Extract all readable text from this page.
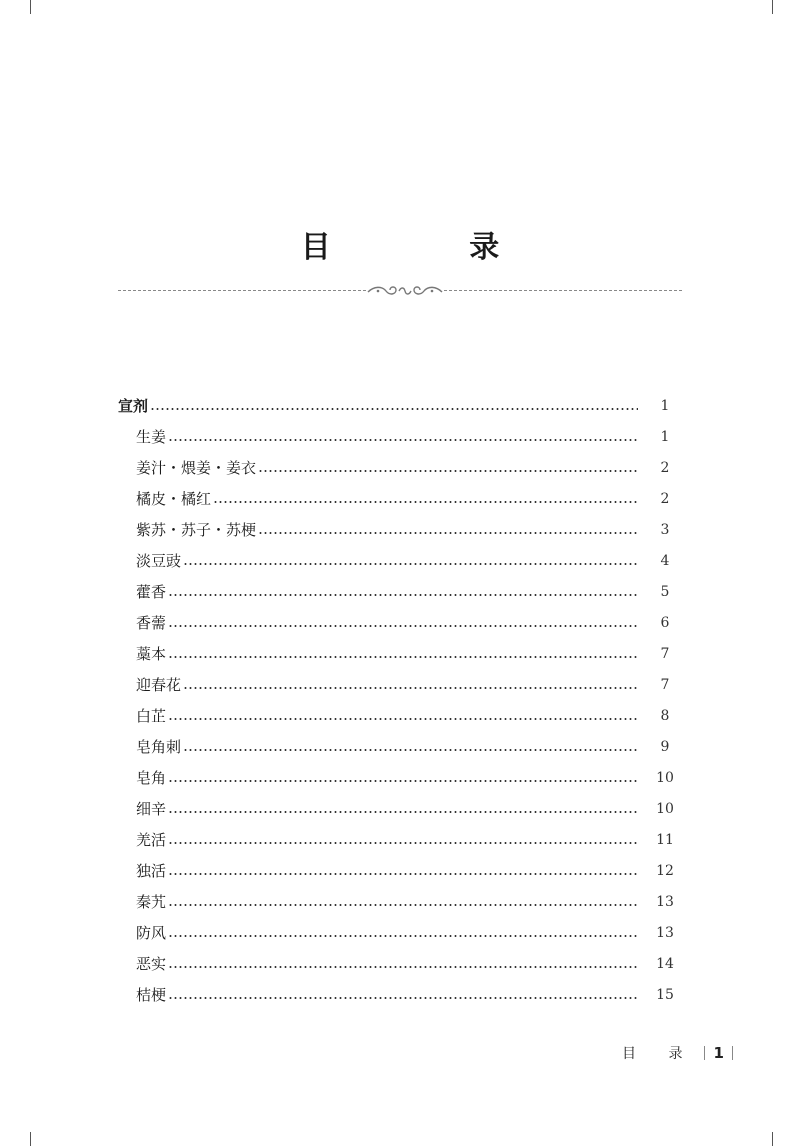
目 录
宣剂	1
生姜	1
姜汁・煨姜・姜衣	2
橘皮・橘红	2
紫苏・苏子・苏梗	3
淡豆豉	4
藿香	5
香薷	6
藁本	7
迎春花	7
白芷	8
皂角刺	9
皂角	10
细辛	10
羌活	11
独活	12
秦艽	13
防风	13
恶实	14
桔梗	15
目 录 1
